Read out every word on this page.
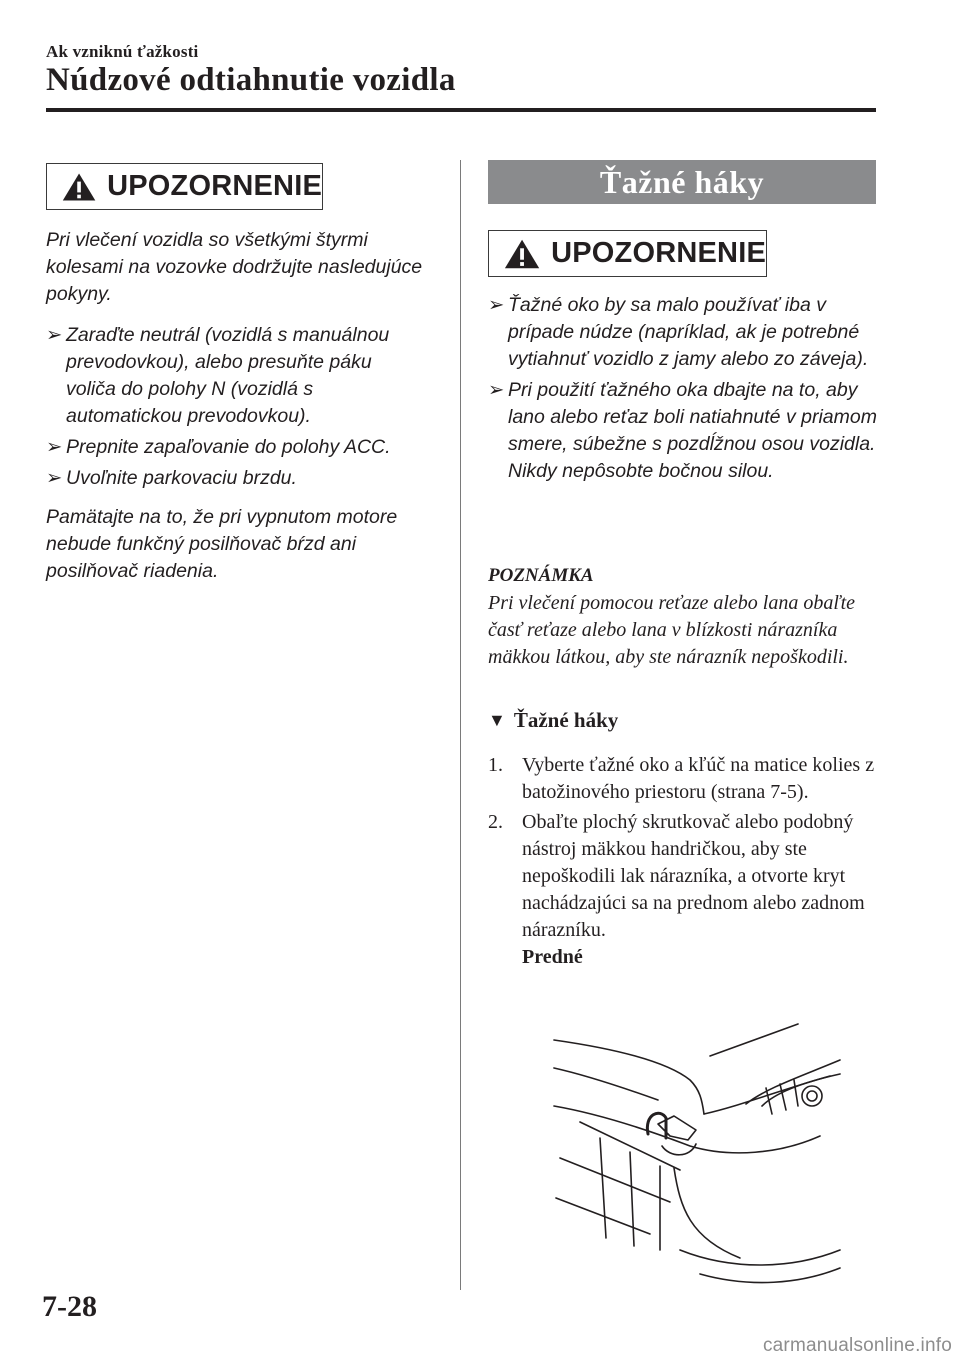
Ak vzniknú ťažkosti
Núdzové odtiahnutie vozidla
UPOZORNENIE

Pri vlečení vozidla so všetkými štyrmi kolesami na vozovke dodržujte nasledujúce pokyny.

➢ Zaraďte neutrál (vozidlá s manuálnou prevodovkou), alebo presuňte páku voliča do polohy N (vozidlá s automatickou prevodovkou).
➢ Prepnite zapaľovanie do polohy ACC.
➢ Uvoľnite parkovaciu brzdu.

Pamätajte na to, že pri vypnutom motore nebude funkčný posilňovač bŕzd ani posilňovač riadenia.

Ťažné háky
UPOZORNENIE
➢ Ťažné oko by sa malo používať iba v prípade núdze (napríklad, ak je potrebné vytiahnuť vozidlo z jamy alebo zo záveja).
➢ Pri použití ťažného oka dbajte na to, aby lano alebo reťaz boli natiahnuté v priamom smere, súbežne s pozdĺžnou osou vozidla. Nikdy nepôsobte bočnou silou.
POZNÁMKA

Pri vlečení pomocou reťaze alebo lana obaľte časť reťaze alebo lana v blízkosti nárazníka mäkkou látkou, aby ste nárazník nepoškodili.

▼ Ťažné háky
1. Vyberte ťažné oko a kľúč na matice kolies z batožinového priestoru (strana 7-5).
2. Obaľte plochý skrutkovač alebo podobný nástroj mäkkou handričkou, aby ste nepoškodili lak nárazníka, a otvorte kryt nachádzajúci sa na prednom alebo zadnom nárazníku.
Predné
7-28
carmanualsonline.info
